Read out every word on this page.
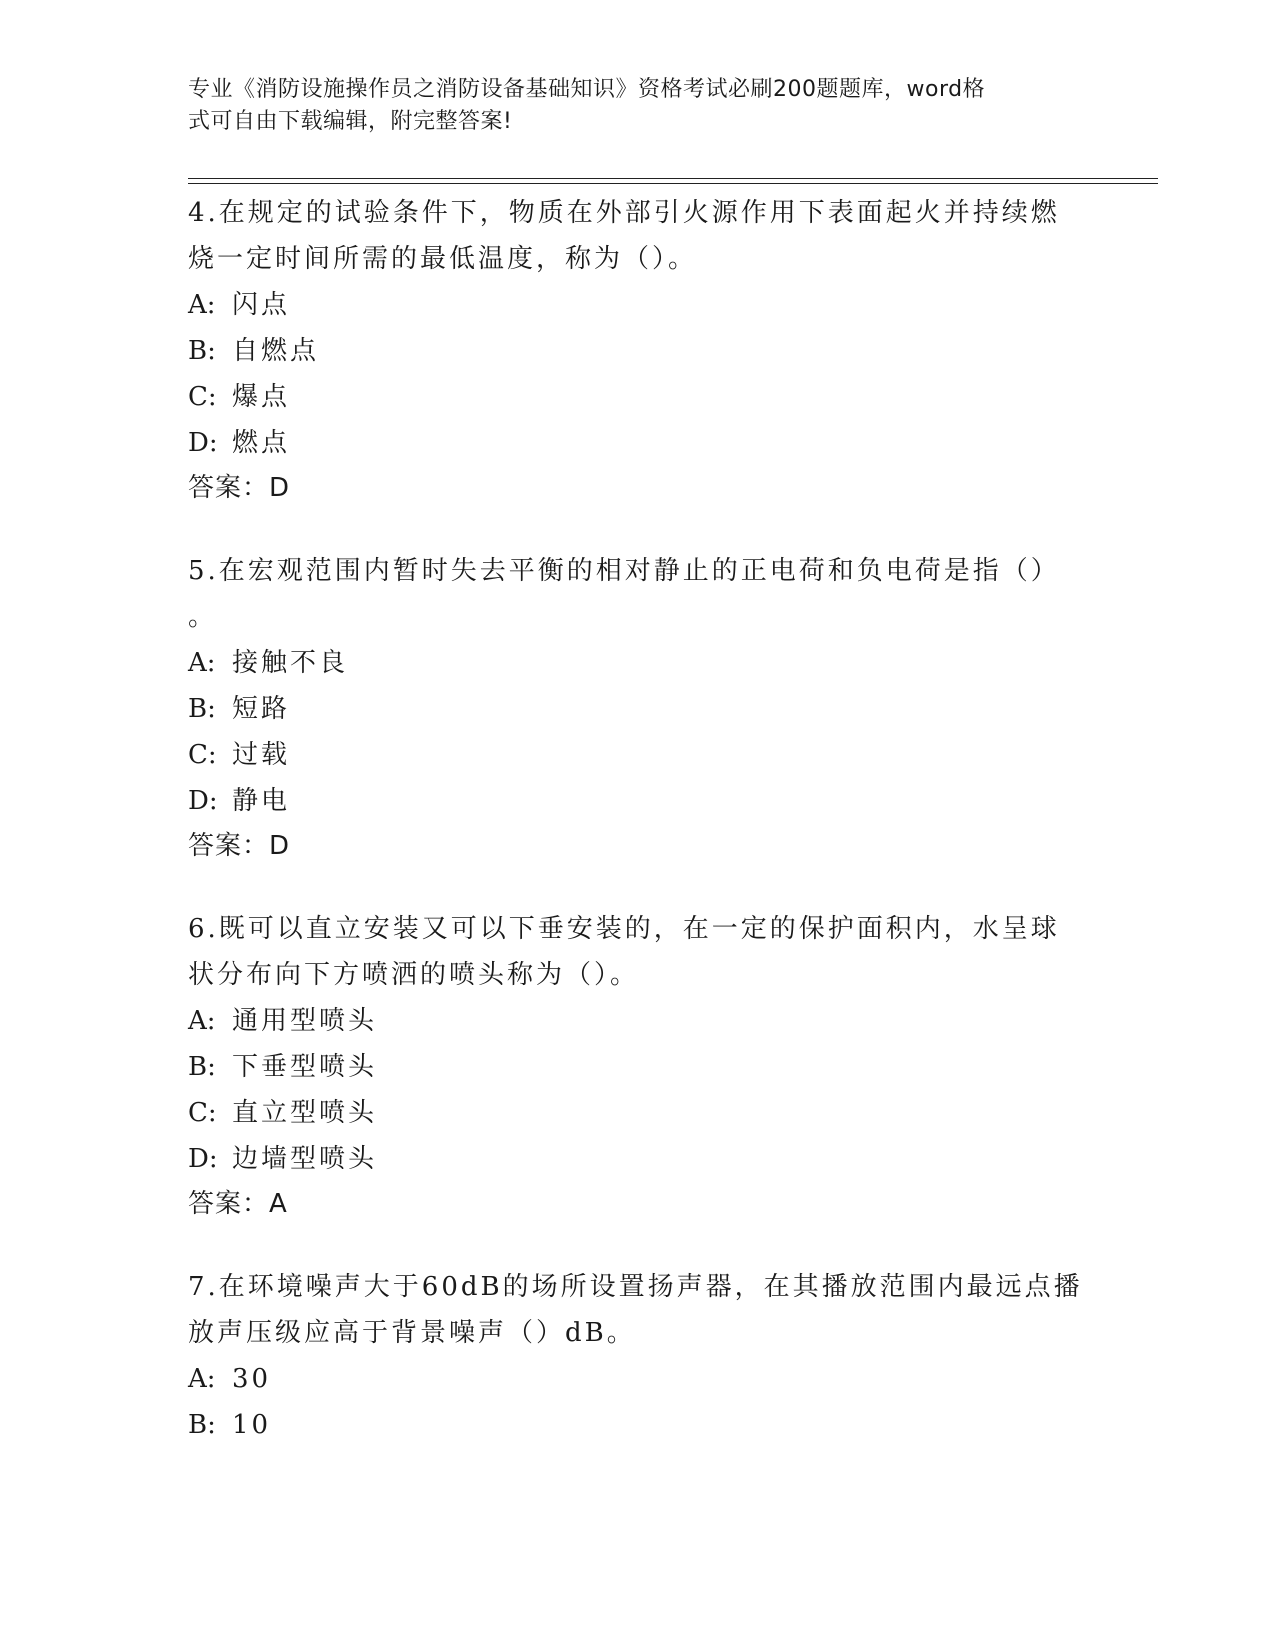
专业《消防设施操作员之消防设备基础知识》资格考试必刷200题题库，word格
式可自由下载编辑，附完整答案!

4.在规定的试验条件下，物质在外部引火源作用下表面起火并持续燃
烧一定时间所需的最低温度，称为（）。

A: 闪点

B: 自燃点

C: 爆点

D: 燃点

答案：D

5.在宏观范围内暂时失去平衡的相对静止的正电荷和负电荷是指（）
。

A: 接触不良

B: 短路

C: 过载

D: 静电

答案：D

6.既可以直立安装又可以下垂安装的，在一定的保护面积内，水呈球
状分布向下方喷洒的喷头称为（）。

A: 通用型喷头

B: 下垂型喷头

C: 直立型喷头

D: 边墙型喷头

答案：A

7.在环境噪声大于60dB的场所设置扬声器，在其播放范围内最远点播
放声压级应高于背景噪声（）dB。

A: 30

B: 10
